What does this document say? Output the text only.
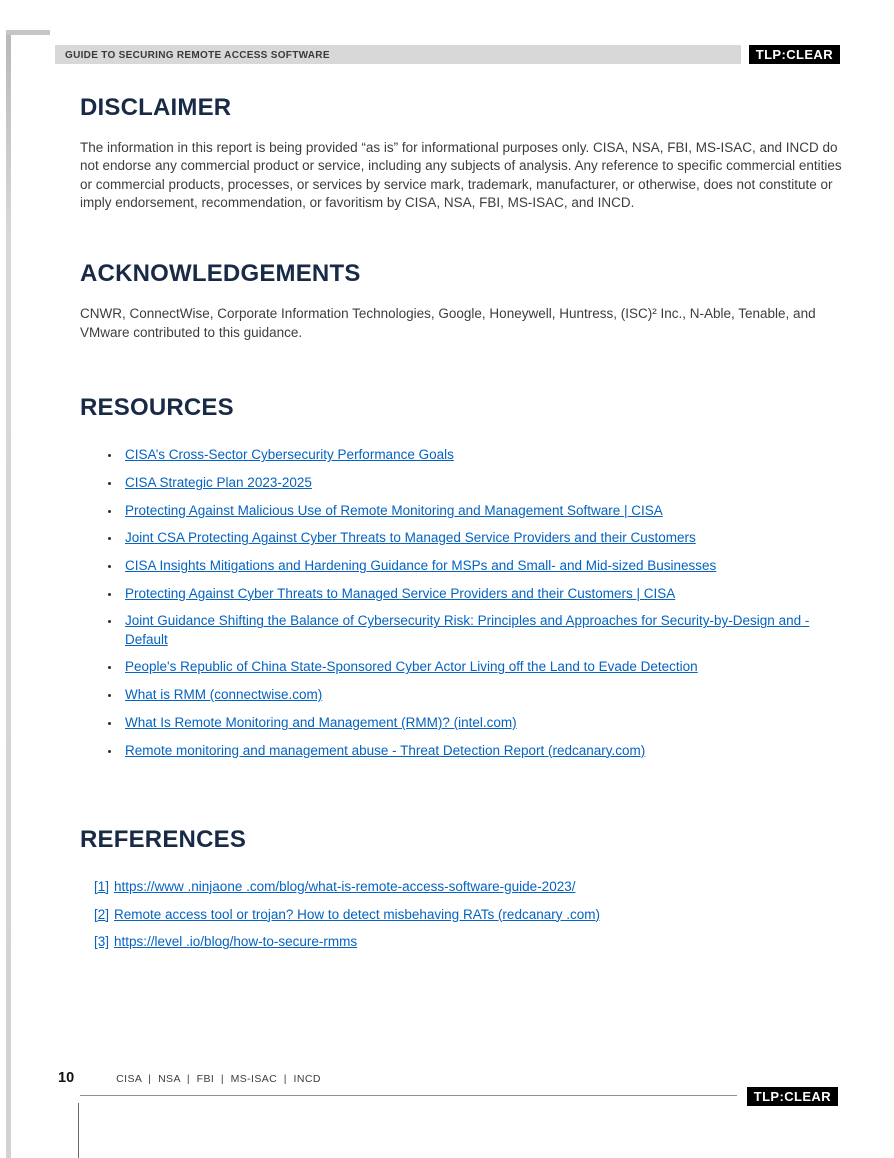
GUIDE TO SECURING REMOTE ACCESS SOFTWARE	TLP:CLEAR
DISCLAIMER

The information in this report is being provided “as is” for informational purposes only. CISA, NSA, FBI, MS-ISAC, and INCD do not endorse any commercial product or service, including any subjects of analysis. Any reference to specific commercial entities or commercial products, processes, or services by service mark, trademark, manufacturer, or otherwise, does not constitute or imply endorsement, recommendation, or favoritism by CISA, NSA, FBI, MS-ISAC, and INCD.

ACKNOWLEDGEMENTS

CNWR, ConnectWise, Corporate Information Technologies, Google, Honeywell, Huntress, (ISC)² Inc., N-Able, Tenable, and VMware contributed to this guidance.

RESOURCES
• CISA’s Cross-Sector Cybersecurity Performance Goals
• CISA Strategic Plan 2023-2025
• Protecting Against Malicious Use of Remote Monitoring and Management Software | CISA
• Joint CSA Protecting Against Cyber Threats to Managed Service Providers and their Customers
• CISA Insights Mitigations and Hardening Guidance for MSPs and Small- and Mid-sized Businesses
• Protecting Against Cyber Threats to Managed Service Providers and their Customers | CISA
• Joint Guidance Shifting the Balance of Cybersecurity Risk: Principles and Approaches for Security-by-Design and -Default
• People's Republic of China State-Sponsored Cyber Actor Living off the Land to Evade Detection
• What is RMM (connectwise.com)
• What Is Remote Monitoring and Management (RMM)? (intel.com)
• Remote monitoring and management abuse - Threat Detection Report (redcanary.com)
REFERENCES
[1] https://www .ninjaone .com/blog/what-is-remote-access-software-guide-2023/
[2] Remote access tool or trojan? How to detect misbehaving RATs (redcanary .com)
[3] https://level .io/blog/how-to-secure-rmms
10	CISA  |  NSA  |  FBI  |  MS-ISAC  |  INCD
TLP:CLEAR
